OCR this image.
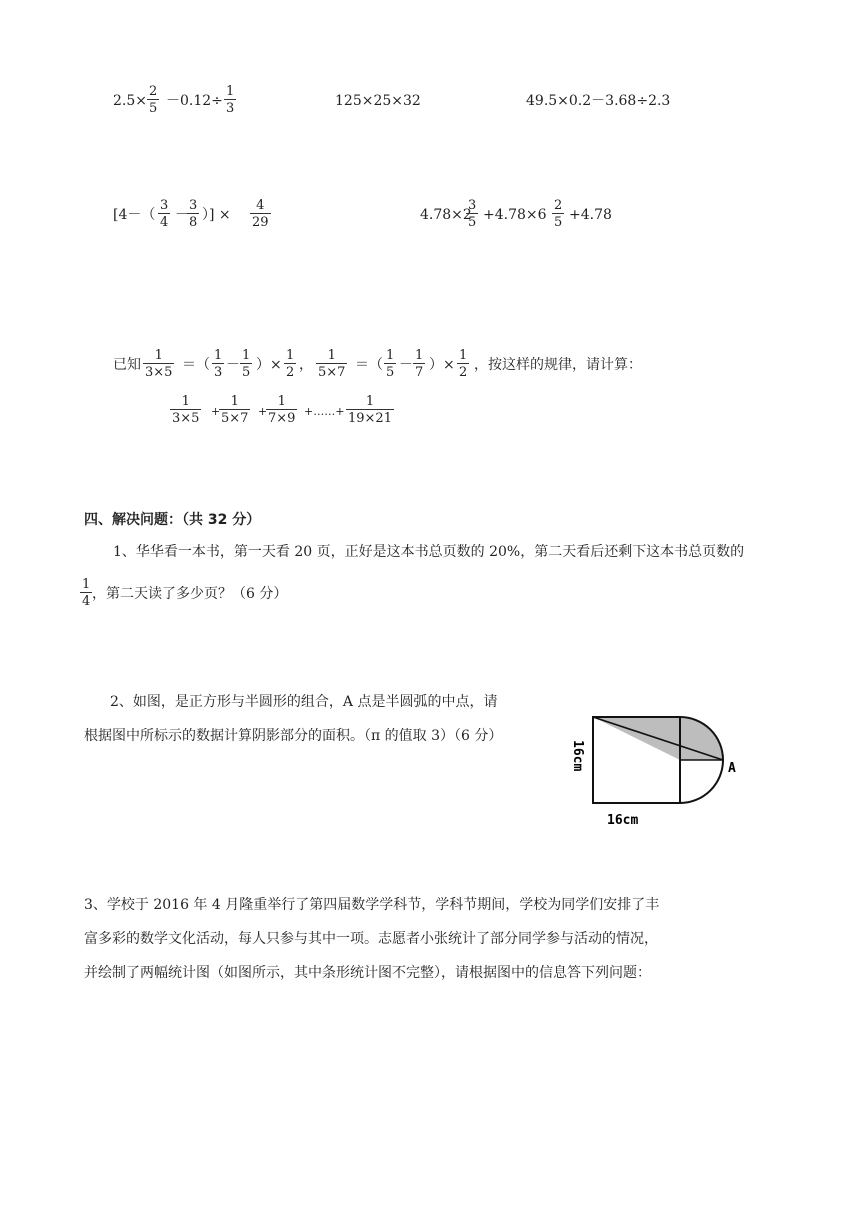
2.5×
2
5 －0.12÷
1
3	125×25×32	49.5×0.2－3.68÷2.3
[4－（
3
4 －
3
8 ）] ×
4
29	4.78×2
3
5 +4.78×6
2
5 +4.78
已知
1
3×5 ＝（
1
3 －
1
5 ）×
1
2 ，
1
5×7 ＝（
1
5 －
1
7 ）×
1
2 ，按这样的规律，请计算：
1
3×5 +
1
5×7 +
1
7×9 +……+
1
19×21
四、解决问题：（共 32 分）
1、华华看一本书，第一天看 20 页，正好是这本书总页数的 20%，第二天看后还剩下这本书总页数的
1
4 ，第二天读了多少页？（6 分）
2、如图，是正方形与半圆形的组合，A 点是半圆弧的中点，请
根据图中所标示的数据计算阴影部分的面积。（π 的值取 3）（6 分）
A
16cm
16cm
3、学校于 2016 年 4 月隆重举行了第四届数学学科节，学科节期间，学校为同学们安排了丰
富多彩的数学文化活动，每人只参与其中一项。志愿者小张统计了部分同学参与活动的情况，
并绘制了两幅统计图（如图所示，其中条形统计图不完整），请根据图中的信息答下列问题：
